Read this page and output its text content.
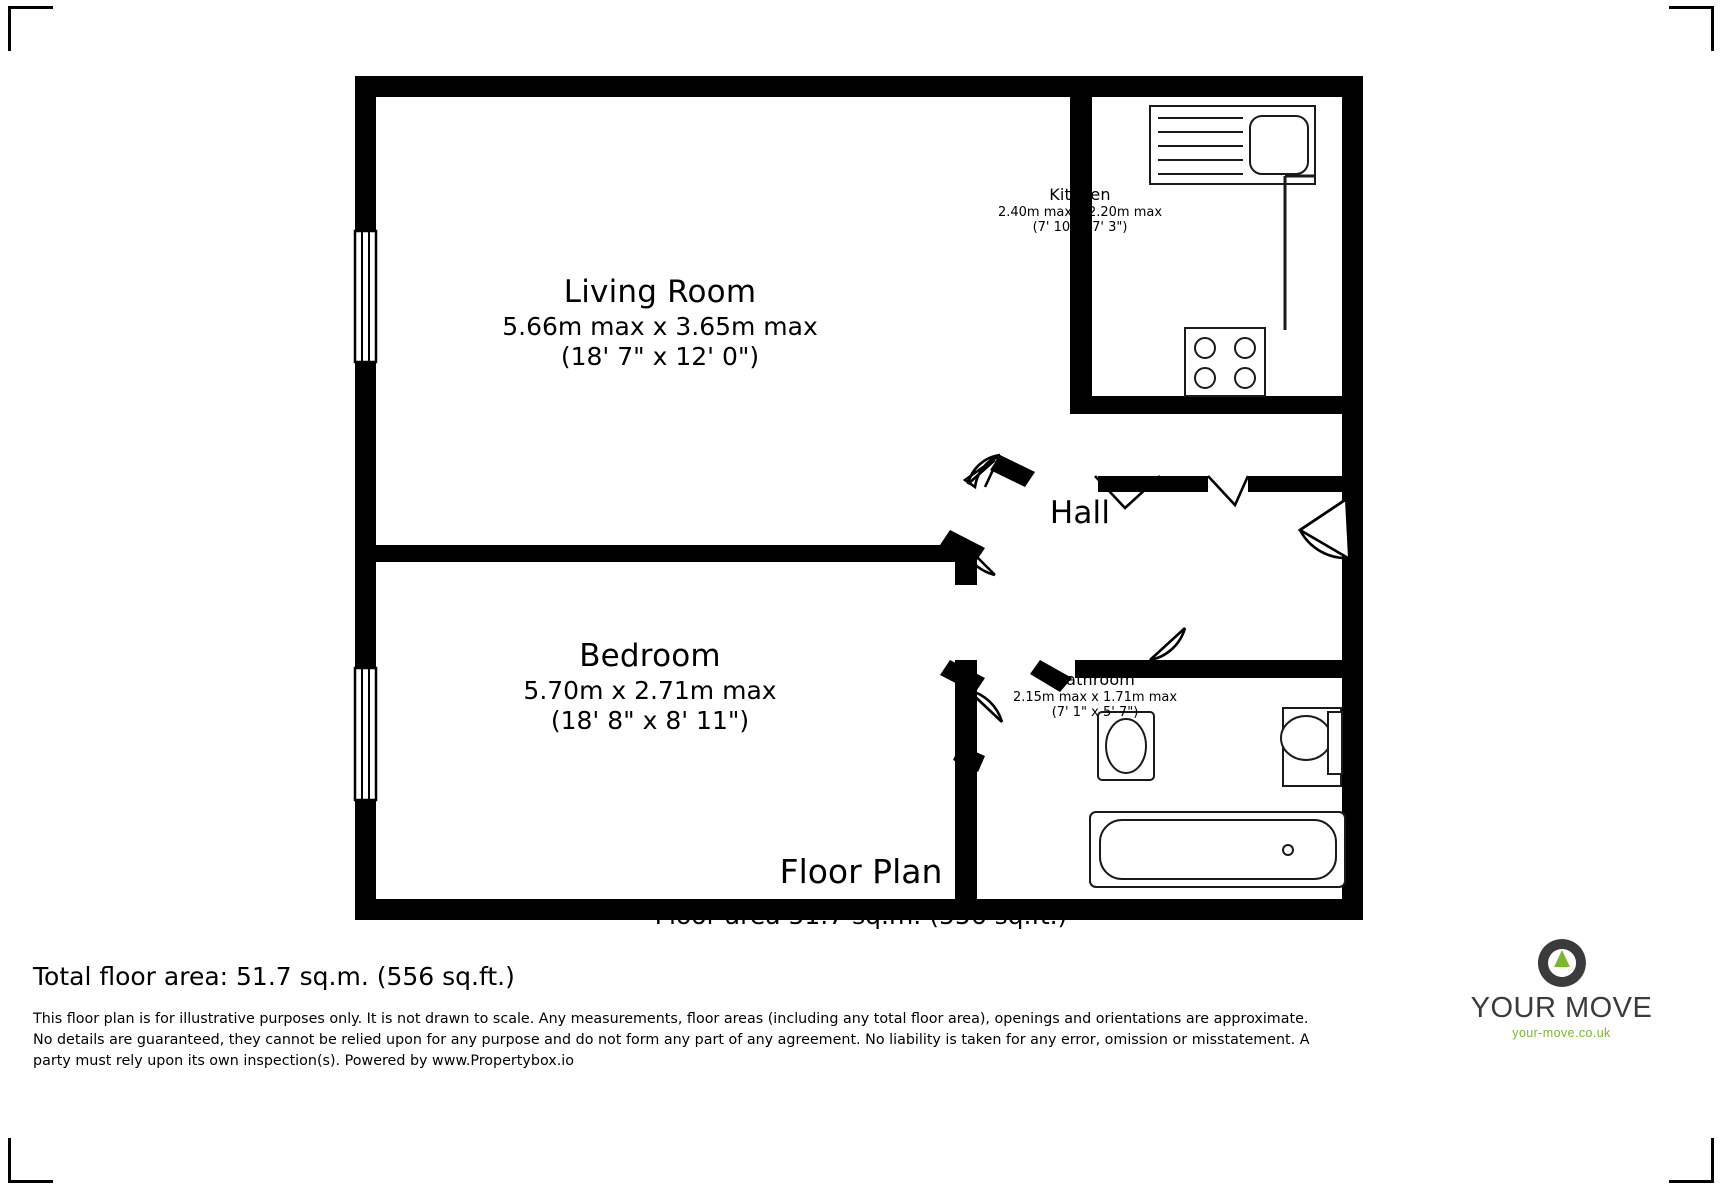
Living Room
5.66m max x 3.65m max
(18' 7" x 12' 0")
Bedroom
5.70m x 2.71m max
(18' 8" x 8' 11")
Hall
Kitchen
2.40m max x 2.20m max
(7' 10" x 7' 3")
Bathroom
2.15m max x 1.71m max
(7' 1" x 5' 7")
Floor Plan
Floor area 51.7 sq.m. (556 sq.ft.)
Total floor area: 51.7 sq.m. (556 sq.ft.)
This floor plan is for illustrative purposes only. It is not drawn to scale. Any measurements, floor areas (including any total floor area), openings and orientations are approximate. No details are guaranteed, they cannot be relied upon for any purpose and do not form any part of any agreement. No liability is taken for any error, omission or misstatement. A party must rely upon its own inspection(s). Powered by www.Propertybox.io
YOUR MOVE
your-move.co.uk
